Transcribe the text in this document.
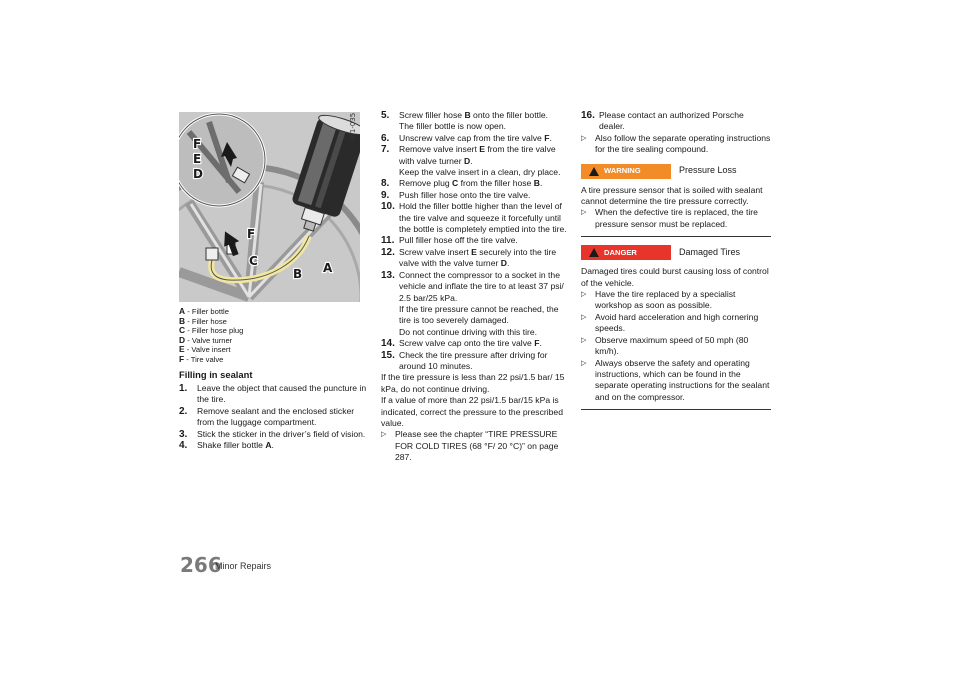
F
E
D
F
C
B A
461-035
A - Filler bottle
B - Filler hose
C - Filler hose plug
D - Valve turner
E - Valve insert
F - Tire valve
Filling in sealant
1. Leave the object that caused the puncture in the tire.
2. Remove sealant and the enclosed sticker from the luggage compartment.
3. Stick the sticker in the driver’s field of vision.
4. Shake filler bottle A.
5. Screw filler hose B onto the filler bottle.
The filler bottle is now open.
6. Unscrew valve cap from the tire valve F.
7. Remove valve insert E from the tire valve with valve turner D.
Keep the valve insert in a clean, dry place.
8. Remove plug C from the filler hose B.
9. Push filler hose onto the tire valve.
10. Hold the filler bottle higher than the level of the tire valve and squeeze it forcefully until the bottle is completely emptied into the tire.
11. Pull filler hose off the tire valve.
12. Screw valve insert E securely into the tire valve with the valve turner D.
13. Connect the compressor to a socket in the vehicle and inflate the tire to at least 37 psi/ 2.5 bar/25 kPa.
If the tire pressure cannot be reached, the tire is too severely damaged.
Do not continue driving with this tire.
14. Screw valve cap onto the tire valve F.
15. Check the tire pressure after driving for around 10 minutes.
If the tire pressure is less than 22 psi/1.5 bar/ 15 kPa, do not continue driving.
If a value of more than 22 psi/1.5 bar/15 kPa is indicated, correct the pressure to the prescribed value.
▷ Please see the chapter “TIRE PRESSURE FOR COLD TIRES (68 °F/ 20 °C)” on page 287.
16. Please contact an authorized Porsche dealer.
▷ Also follow the separate operating instructions for the tire sealing compound.
WARNING	Pressure Loss
A tire pressure sensor that is soiled with sealant cannot determine the tire pressure correctly.
▷ When the defective tire is replaced, the tire pressure sensor must be replaced.
DANGER	Damaged Tires
Damaged tires could burst causing loss of control of the vehicle.
▷ Have the tire replaced by a specialist workshop as soon as possible.
▷ Avoid hard acceleration and high cornering speeds.
▷ Observe maximum speed of 50 mph (80 km/h).
▷ Always observe the safety and operating instructions, which can be found in the separate operating instructions for the sealant and on the compressor.
266
Minor Repairs
